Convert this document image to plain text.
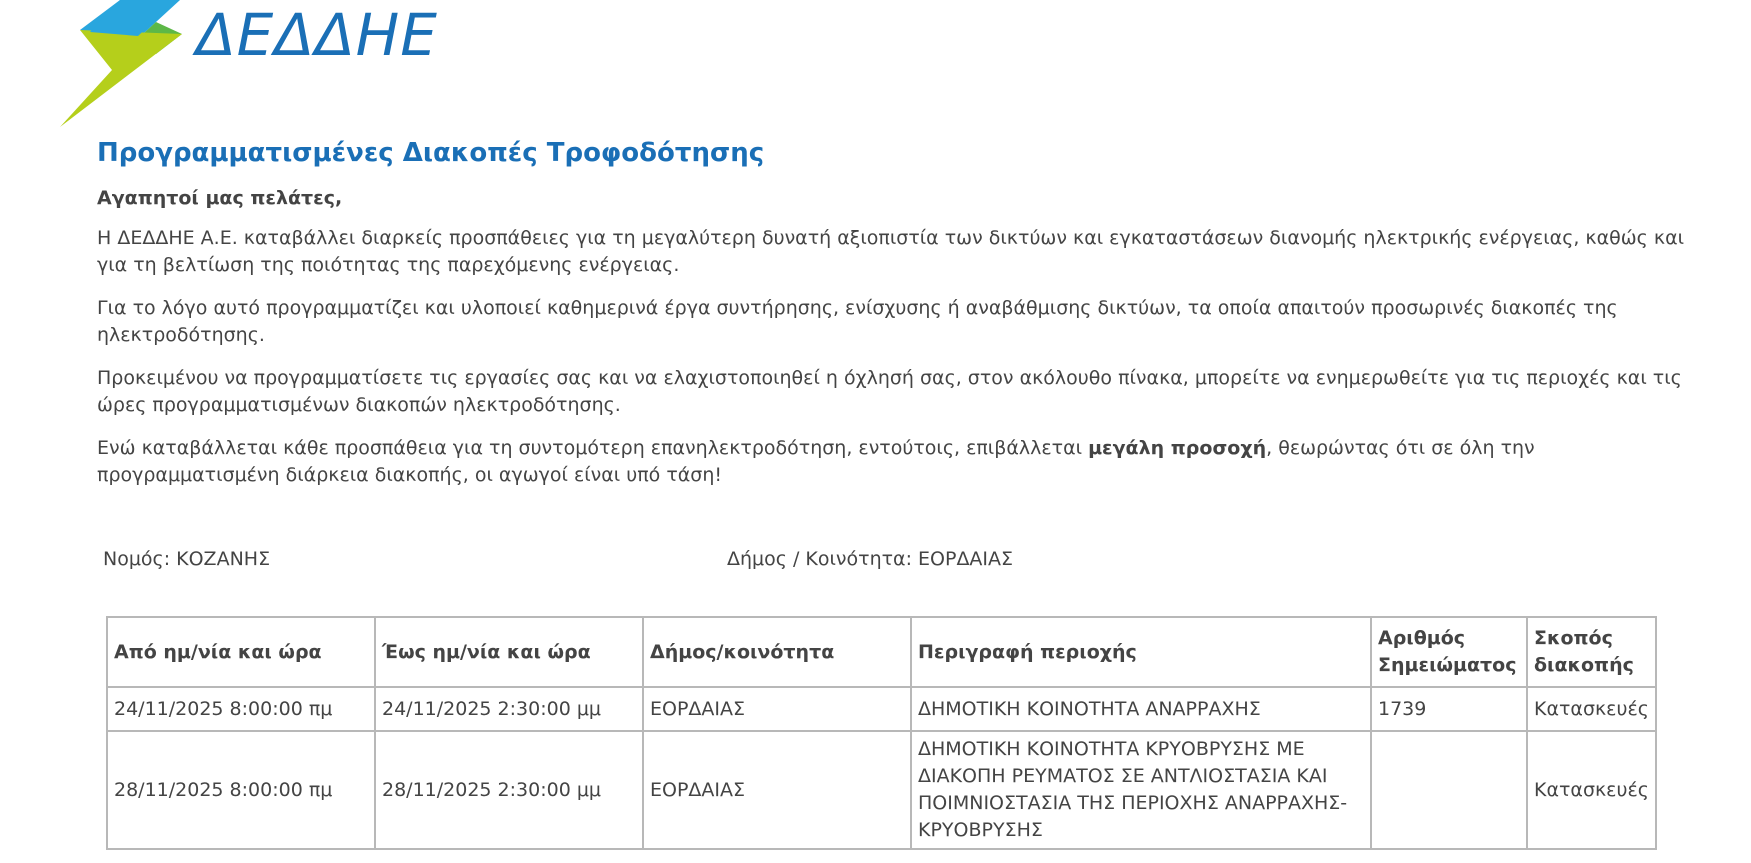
ΔΕΔΔΗΕ
Προγραμματισμένες Διακοπές Τροφοδότησης

Αγαπητοί μας πελάτες,

Η ΔΕΔΔΗΕ Α.Ε. καταβάλλει διαρκείς προσπάθειες για τη μεγαλύτερη δυνατή αξιοπιστία των δικτύων και εγκαταστάσεων διανομής ηλεκτρικής ενέργειας, καθώς και για τη βελτίωση της ποιότητας της παρεχόμενης ενέργειας.

Για το λόγο αυτό προγραμματίζει και υλοποιεί καθημερινά έργα συντήρησης, ενίσχυσης ή αναβάθμισης δικτύων, τα οποία απαιτούν προσωρινές διακοπές της ηλεκτροδότησης.

Προκειμένου να προγραμματίσετε τις εργασίες σας και να ελαχιστοποιηθεί η όχλησή σας, στον ακόλουθο πίνακα, μπορείτε να ενημερωθείτε για τις περιοχές και τις ώρες προγραμματισμένων διακοπών ηλεκτροδότησης.

Ενώ καταβάλλεται κάθε προσπάθεια για τη συντομότερη επανηλεκτροδότηση, εντούτοις, επιβάλλεται μεγάλη προσοχή, θεωρώντας ότι σε όλη την προγραμματισμένη διάρκεια διακοπής, οι αγωγοί είναι υπό τάση!

Νομός: ΚΟΖΑΝΗΣ	Δήμος / Κοινότητα: ΕΟΡΔΑΙΑΣ
Από ημ/νία και ώρα	Έως ημ/νία και ώρα	Δήμος/κοινότητα	Περιγραφή περιοχής	Αριθμός Σημειώματος	Σκοπός διακοπής
24/11/2025 8:00:00 πμ	24/11/2025 2:30:00 μμ	ΕΟΡΔΑΙΑΣ	ΔΗΜΟΤΙΚΗ ΚΟΙΝΟΤΗΤΑ ΑΝΑΡΡΑΧΗΣ	1739	Κατασκευές
28/11/2025 8:00:00 πμ	28/11/2025 2:30:00 μμ	ΕΟΡΔΑΙΑΣ	ΔΗΜΟΤΙΚΗ ΚΟΙΝΟΤΗΤΑ ΚΡΥΟΒΡΥΣΗΣ ΜΕ ΔΙΑΚΟΠΗ ΡΕΥΜΑΤΟΣ ΣΕ ΑΝΤΛΙΟΣΤΑΣΙΑ ΚΑΙ ΠΟΙΜΝΙΟΣΤΑΣΙΑ ΤΗΣ ΠΕΡΙΟΧΗΣ ΑΝΑΡΡΑΧΗΣ-ΚΡΥΟΒΡΥΣΗΣ		Κατασκευές
